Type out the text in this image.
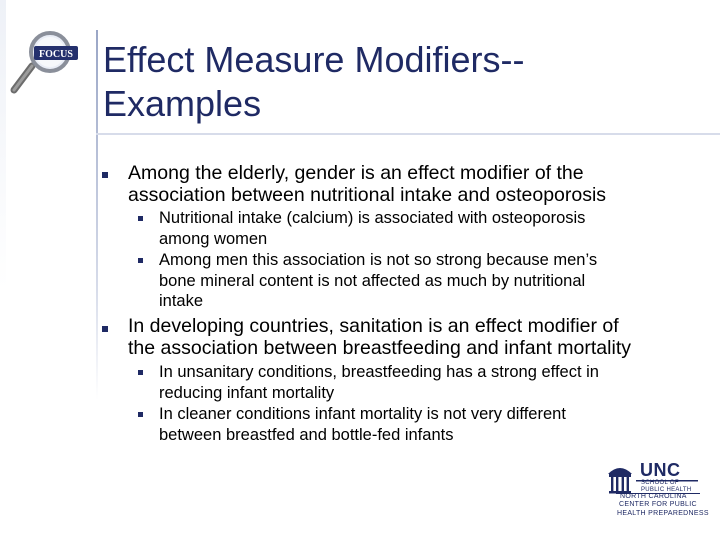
FOCUS Effect Measure Modifiers--
Examples
Among the elderly, gender is an effect modifier of the
association between nutritional intake and osteoporosis
Nutritional intake (calcium) is associated with osteoporosis
among women
Among men this association is not so strong because men’s
bone mineral content is not affected as much by nutritional
intake
In developing countries, sanitation is an effect modifier of
the association between breastfeeding and infant mortality
In unsanitary conditions, breastfeeding has a strong effect in
reducing infant mortality
In cleaner conditions infant mortality is not very different
between breastfed and bottle-fed infants
UNC
SCHOOL OF
PUBLIC HEALTH
NORTH CAROLINA
CENTER FOR PUBLIC
HEALTH PREPAREDNESS
